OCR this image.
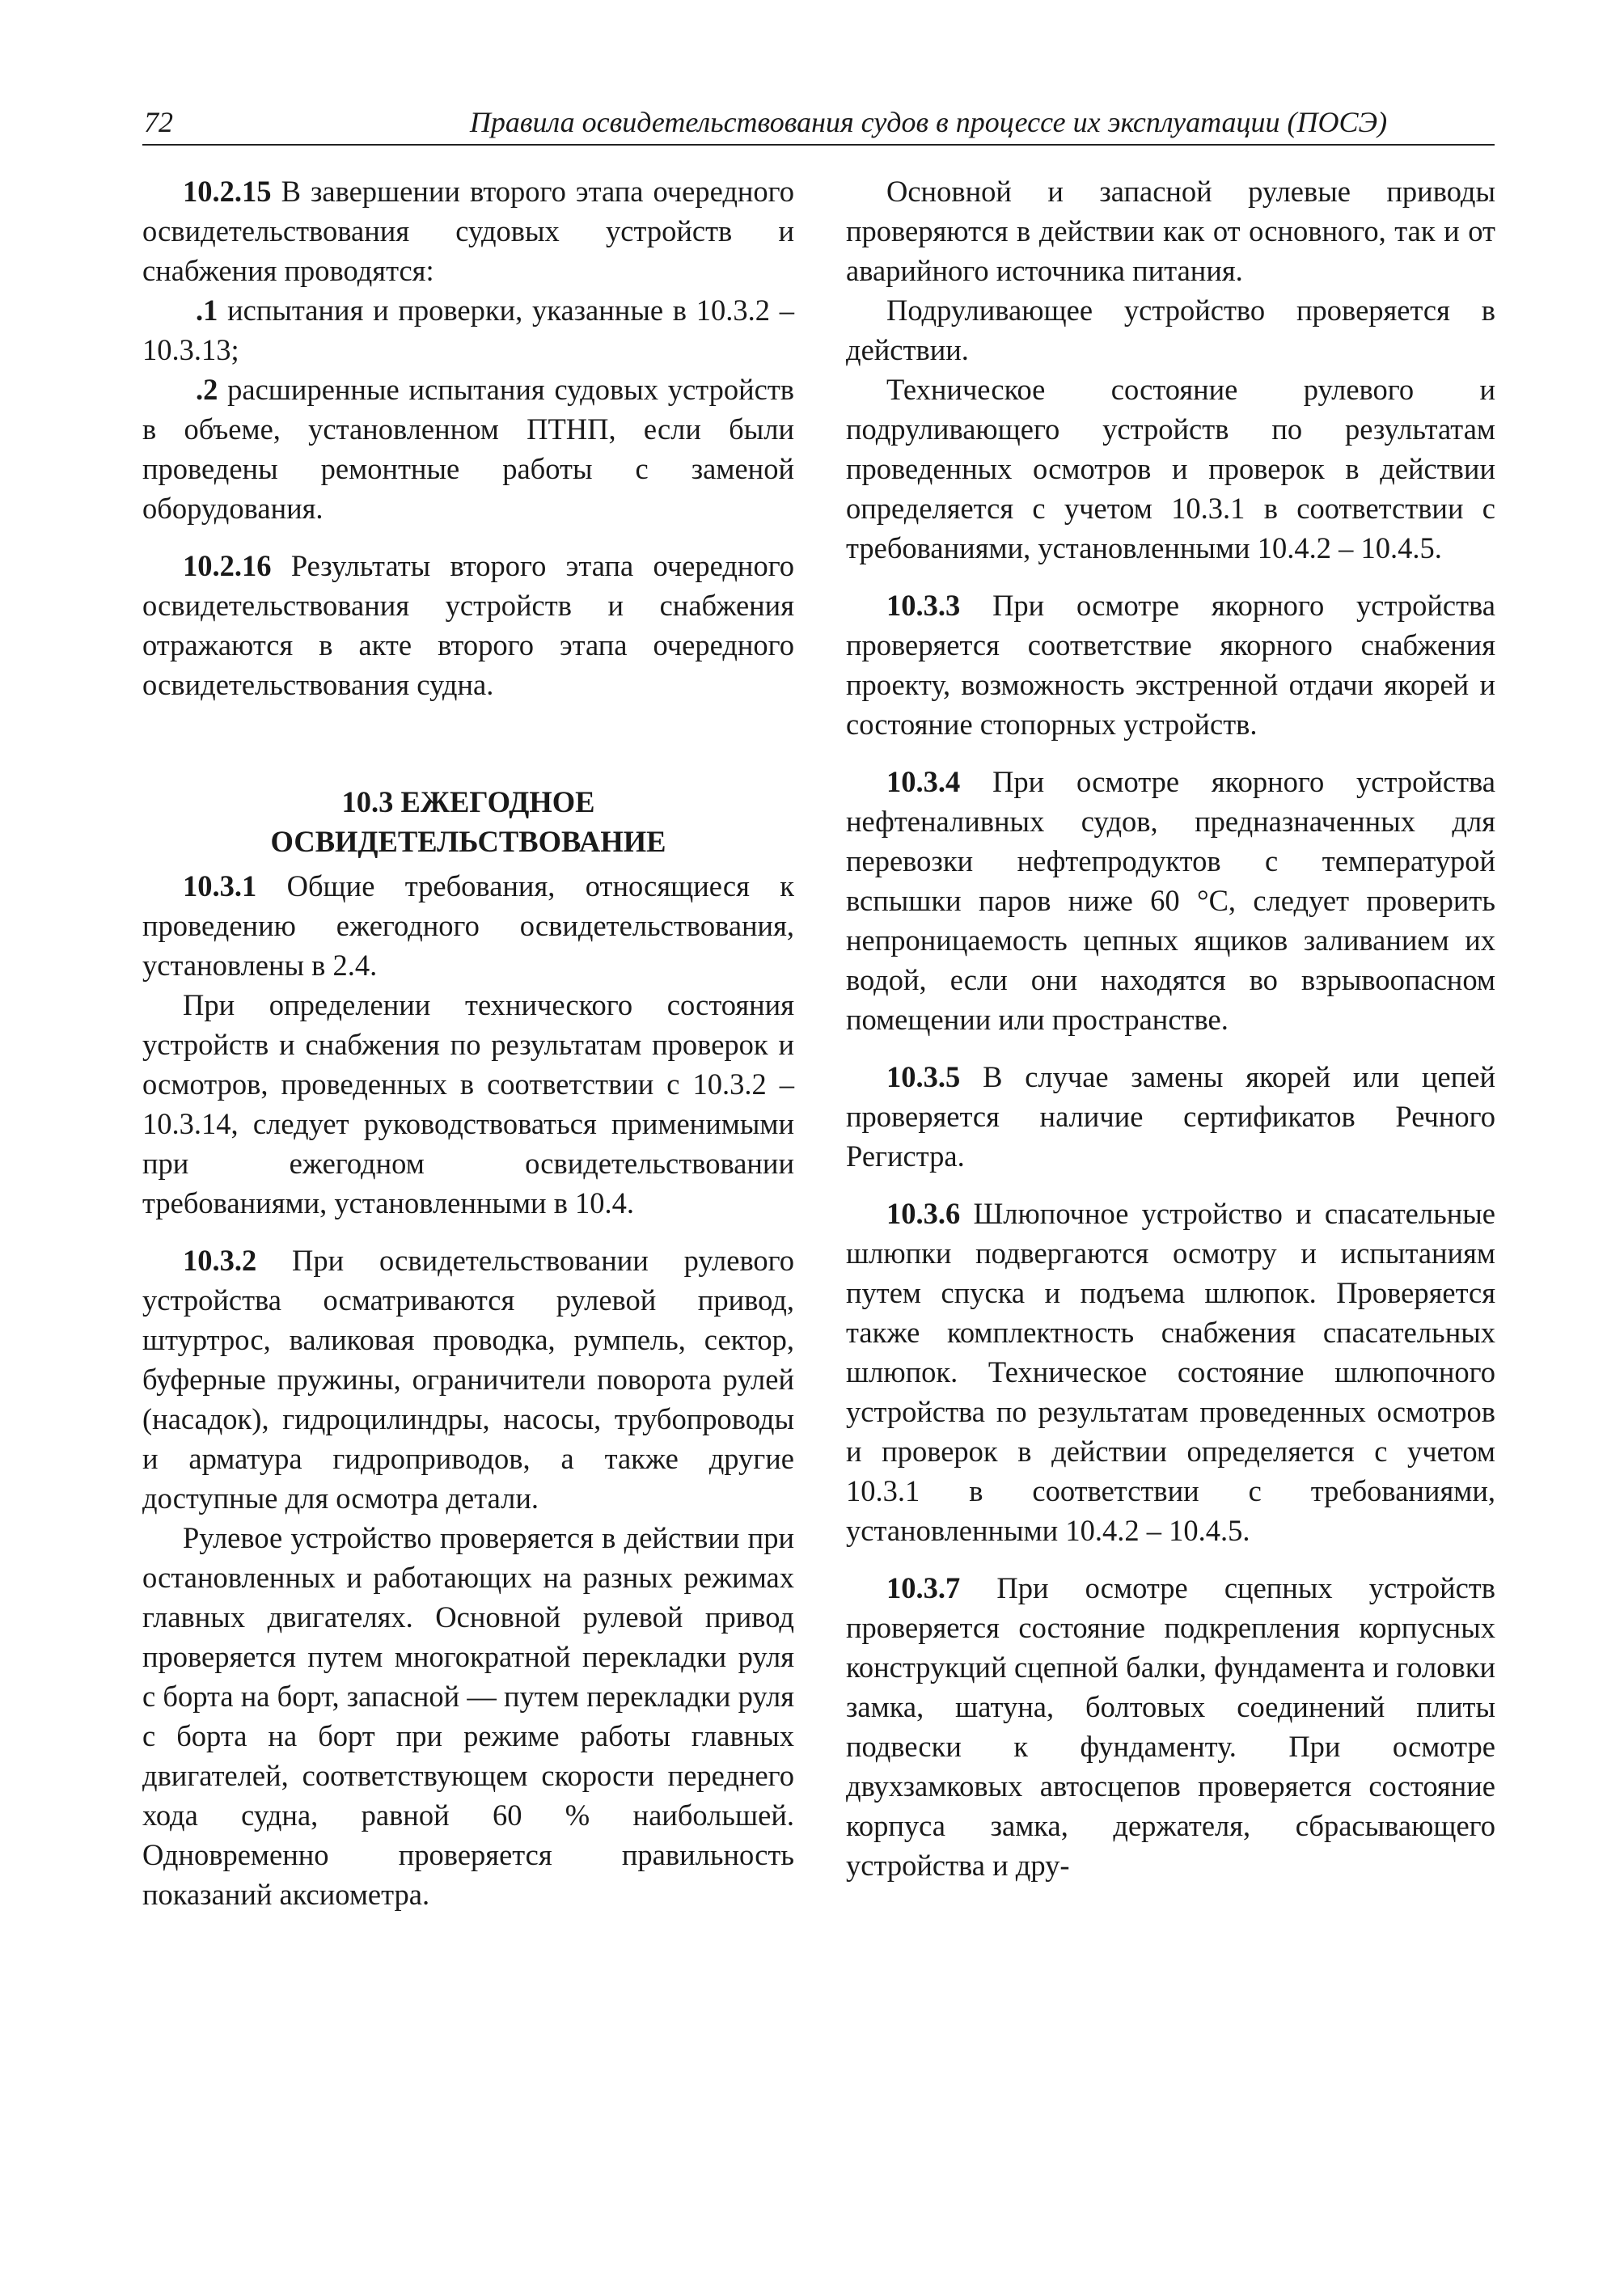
72	Правила освидетельствования судов в процессе их эксплуатации (ПОСЭ)

10.2.15 В завершении второго этапа очередного освидетельствования судовых устройств и снабжения проводятся:

.1 испытания и проверки, указанные в 10.3.2 – 10.3.13;

.2 расширенные испытания судовых устройств в объеме, установленном ПТНП, если были проведены ремонтные работы с заменой оборудования.

10.2.16 Результаты второго этапа очередного освидетельствования устройств и снабжения отражаются в акте второго этапа очередного освидетельствования судна.

10.3 ЕЖЕГОДНОЕ
ОСВИДЕТЕЛЬСТВОВАНИЕ

10.3.1 Общие требования, относящиеся к проведению ежегодного освидетельствования, установлены в 2.4.

При определении технического состояния устройств и снабжения по результатам проверок и осмотров, проведенных в соответствии с 10.3.2 – 10.3.14, следует руководствоваться применимыми при ежегодном освидетельствовании требованиями, установленными в 10.4.

10.3.2 При освидетельствовании рулевого устройства осматриваются рулевой привод, штуртрос, валиковая проводка, румпель, сектор, буферные пружины, ограничители поворота рулей (насадок), гидроцилиндры, насосы, трубопроводы и арматура гидроприводов, а также другие доступные для осмотра детали.

Рулевое устройство проверяется в действии при остановленных и работающих на разных режимах главных двигателях. Основной рулевой привод проверяется путем многократной перекладки руля с борта на борт, запасной — путем перекладки руля с борта на борт при режиме работы главных двигателей, соответствующем скорости переднего хода судна, равной 60 % наибольшей. Одновременно проверяется правильность показаний аксиометра.

Основной и запасной рулевые приводы проверяются в действии как от основного, так и от аварийного источника питания.

Подруливающее устройство проверяется в действии.

Техническое состояние рулевого и подруливающего устройств по результатам проведенных осмотров и проверок в действии определяется с учетом 10.3.1 в соответствии с требованиями, установленными 10.4.2 – 10.4.5.

10.3.3 При осмотре якорного устройства проверяется соответствие якорного снабжения проекту, возможность экстренной отдачи якорей и состояние стопорных устройств.

10.3.4 При осмотре якорного устройства нефтеналивных судов, предназначенных для перевозки нефтепродуктов с температурой вспышки паров ниже 60 °С, следует проверить непроницаемость цепных ящиков заливанием их водой, если они находятся во взрывоопасном помещении или пространстве.

10.3.5 В случае замены якорей или цепей проверяется наличие сертификатов Речного Регистра.

10.3.6 Шлюпочное устройство и спасательные шлюпки подвергаются осмотру и испытаниям путем спуска и подъема шлюпок. Проверяется также комплектность снабжения спасательных шлюпок. Техническое состояние шлюпочного устройства по результатам проведенных осмотров и проверок в действии определяется с учетом 10.3.1 в соответствии с требованиями, установленными 10.4.2 – 10.4.5.

10.3.7 При осмотре сцепных устройств проверяется состояние подкрепления корпусных конструкций сцепной балки, фундамента и головки замка, шатуна, болтовых соединений плиты подвески к фундаменту. При осмотре двухзамковых автосцепов проверяется состояние корпуса замка, держателя, сбрасывающего устройства и дру-
